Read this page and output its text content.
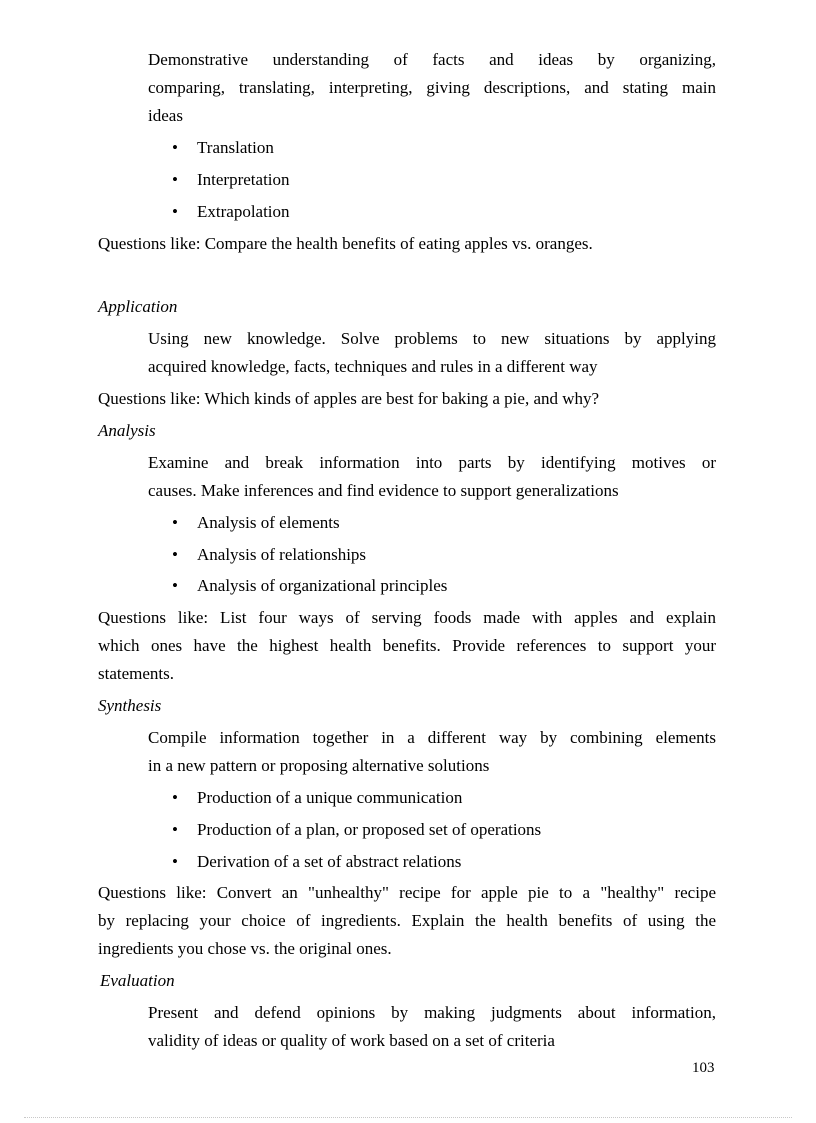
Demonstrative understanding of facts and ideas by organizing,
comparing, translating, interpreting, giving descriptions, and stating main
ideas
• Translation
• Interpretation
• Extrapolation
Questions like: Compare the health benefits of eating apples vs. oranges.
Application
Using new knowledge. Solve problems to new situations by applying
acquired knowledge, facts, techniques and rules in a different way
Questions like: Which kinds of apples are best for baking a pie, and why?
Analysis
Examine and break information into parts by identifying motives or
causes. Make inferences and find evidence to support generalizations
• Analysis of elements
• Analysis of relationships
• Analysis of organizational principles
Questions like: List four ways of serving foods made with apples and explain
which ones have the highest health benefits. Provide references to support your
statements.
Synthesis
Compile information together in a different way by combining elements
in a new pattern or proposing alternative solutions
• Production of a unique communication
• Production of a plan, or proposed set of operations
• Derivation of a set of abstract relations
Questions like: Convert an "unhealthy" recipe for apple pie to a "healthy" recipe
by replacing your choice of ingredients. Explain the health benefits of using the
ingredients you chose vs. the original ones.
Evaluation
Present and defend opinions by making judgments about information,
validity of ideas or quality of work based on a set of criteria
103
